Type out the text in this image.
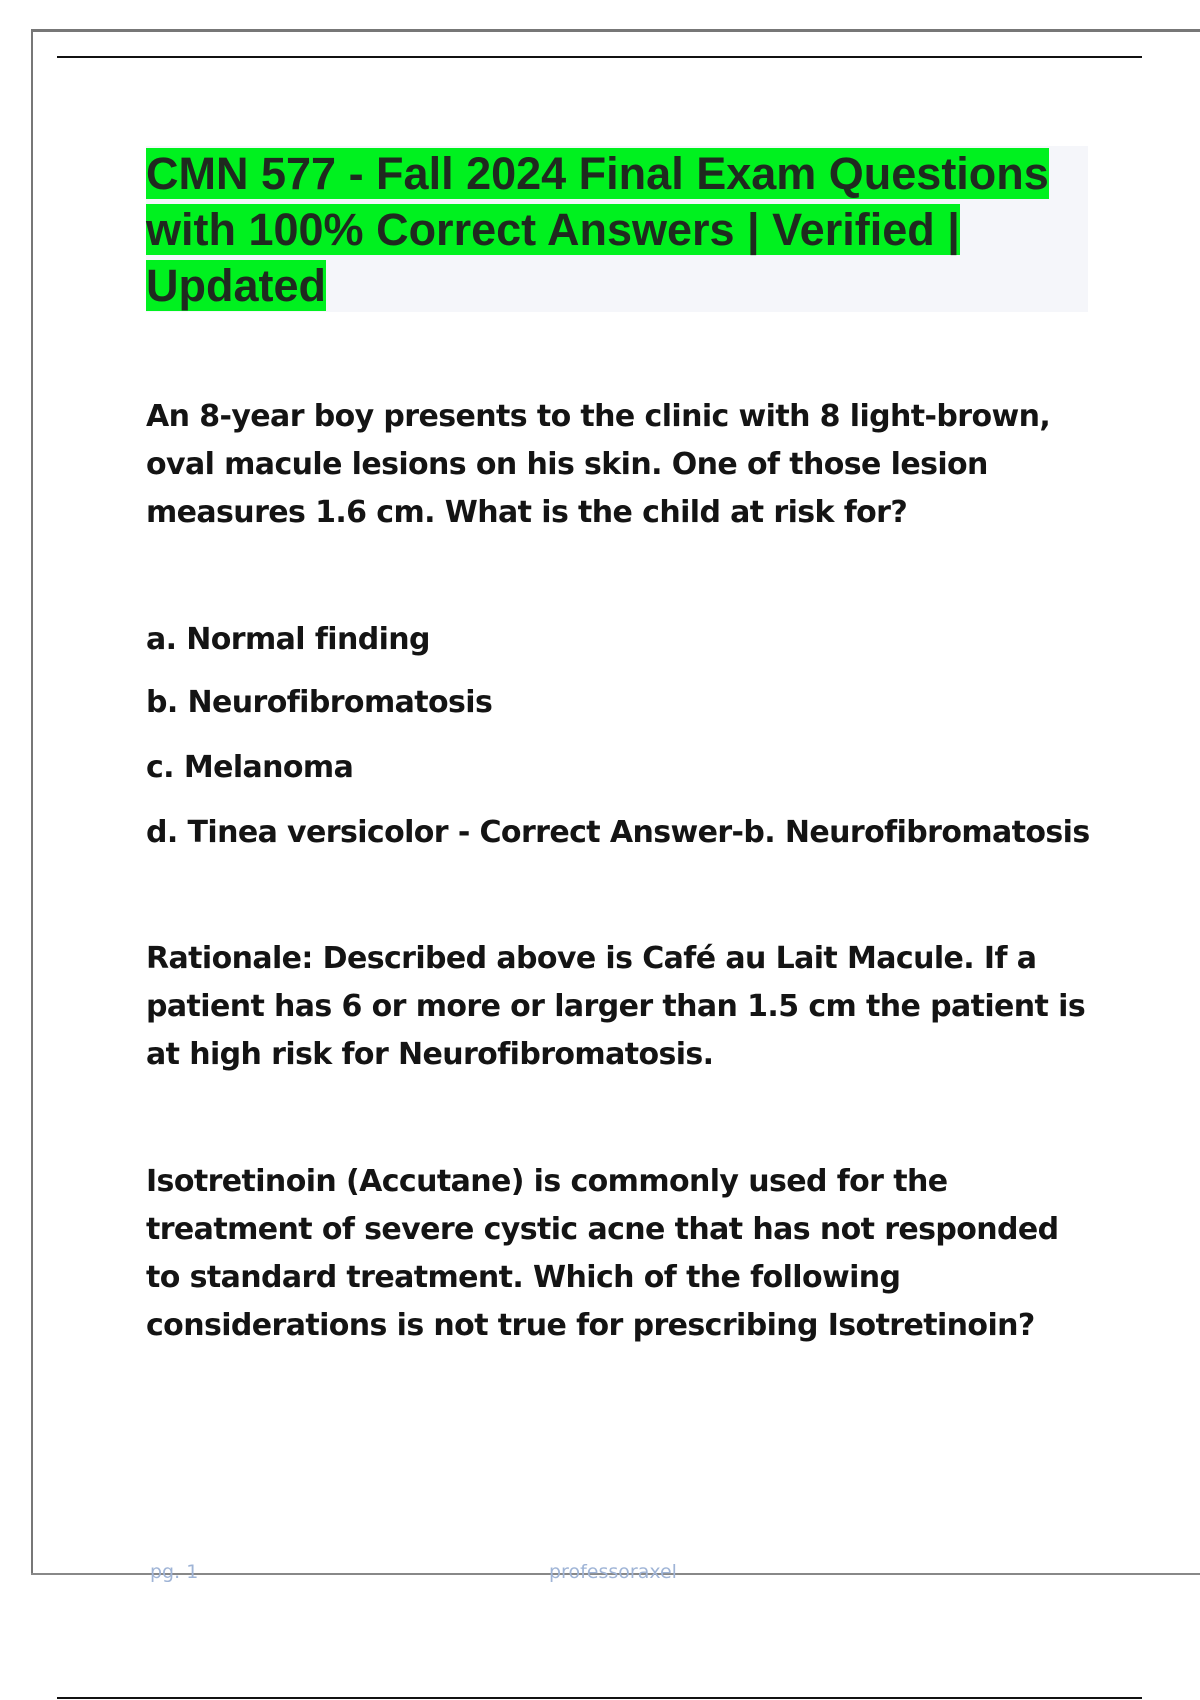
CMN 577 - Fall 2024 Final Exam Questions with 100% Correct Answers | Verified | Updated

An 8-year boy presents to the clinic with 8 light-brown, oval macule lesions on his skin. One of those lesion measures 1.6 cm. What is the child at risk for?

a. Normal finding

b. Neurofibromatosis

c. Melanoma

d. Tinea versicolor - Correct Answer-b. Neurofibromatosis

Rationale: Described above is Café au Lait Macule. If a patient has 6 or more or larger than 1.5 cm the patient is at high risk for Neurofibromatosis.

Isotretinoin (Accutane) is commonly used for the treatment of severe cystic acne that has not responded to standard treatment. Which of the following considerations is not true for prescribing Isotretinoin?

pg. 1	professoraxel
